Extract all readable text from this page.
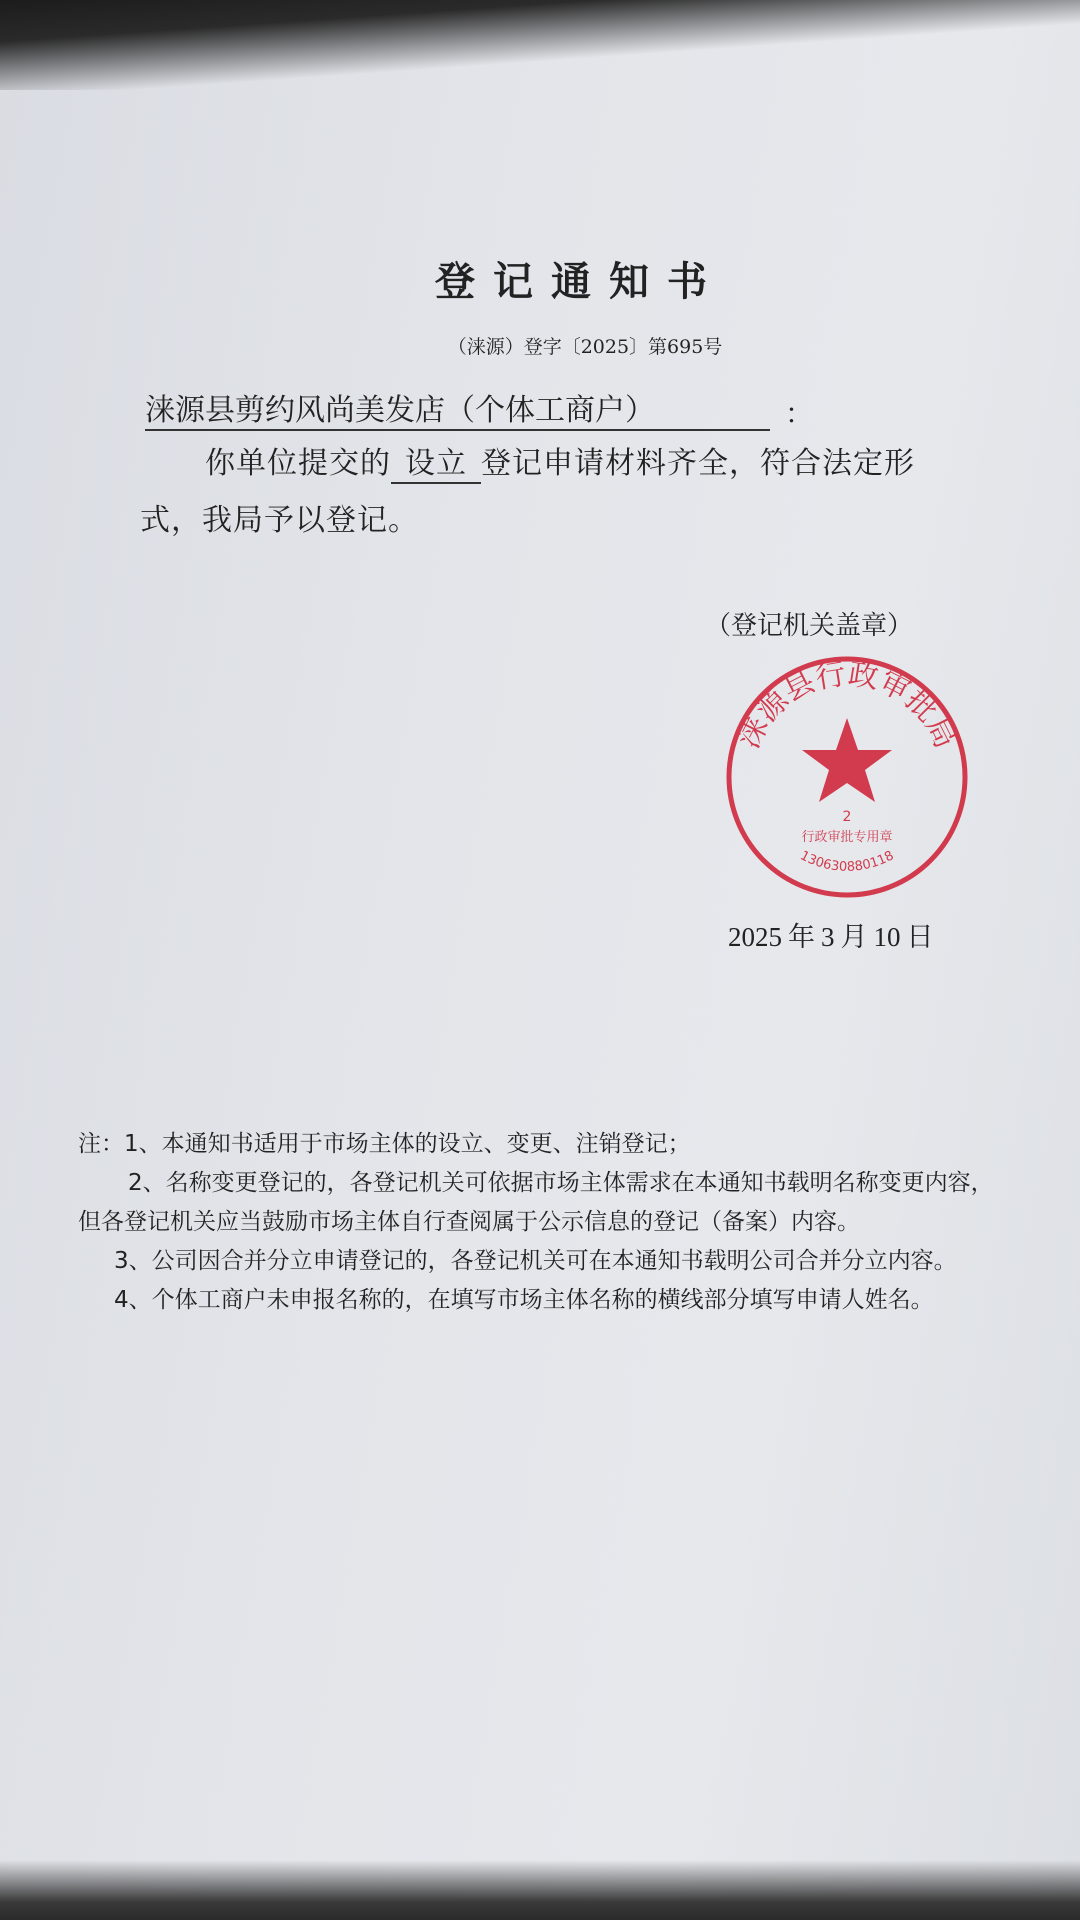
登记通知书
（涞源）登字〔2025〕第695号
涞源县剪约风尚美发店（个体工商户）	：
你单位提交的 设立 登记申请材料齐全，符合法定形
式，我局予以登记。
（登记机关盖章）
涞源县行政审批局
2
行政审批专用章
130630880118
2025 年 3 月 10 日
注：1、本通知书适用于市场主体的设立、变更、注销登记；
2、名称变更登记的，各登记机关可依据市场主体需求在本通知书载明名称变更内容，
但各登记机关应当鼓励市场主体自行查阅属于公示信息的登记（备案）内容。
3、公司因合并分立申请登记的，各登记机关可在本通知书载明公司合并分立内容。
4、个体工商户未申报名称的，在填写市场主体名称的横线部分填写申请人姓名。
